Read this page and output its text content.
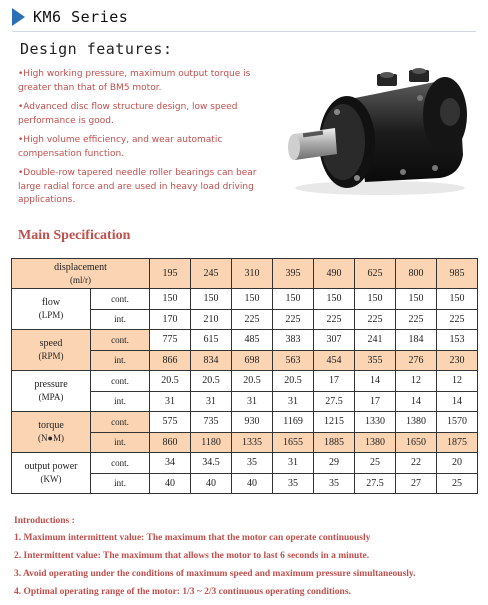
KM6 Series
Design features:
•High working pressure, maximum output torque is greater than that of BM5 motor.
•Advanced disc flow structure design, low speed performance is good.
•High volume efficiency, and wear automatic compensation function.
•Double-row tapered needle roller bearings can bear large radial force and are used in heavy load driving applications.
Main Specification
displacement
(ml/r)		195	245	310	395	490	625	800	985

flow
(LPM)	cont.	150	150	150	150	150	150	150	150
	int.	170	210	225	225	225	225	225	225

speed
(RPM)	cont.	775	615	485	383	307	241	184	153
	int.	866	834	698	563	454	355	276	230

pressure
(MPA)	cont.	20.5	20.5	20.5	20.5	17	14	12	12
	int.	31	31	31	31	27.5	17	14	14

torque
(N●M)	cont.	575	735	930	1169	1215	1330	1380	1570
	int.	860	1180	1335	1655	1885	1380	1650	1875

output power
(KW)	cont.	34	34.5	35	31	29	25	22	20
	int.	40	40	40	35	35	27.5	27	25
Introductions :
1. Maximum intermittent value: The maximum that the motor can operate continuously
2. Intermittent value: The maximum that allows the motor to last 6 seconds in a minute.
3. Avoid operating under the conditions of maximum speed and maximum pressure simultaneously.
4. Optimal operating range of the motor: 1/3 ~ 2/3 continuous operating conditions.
